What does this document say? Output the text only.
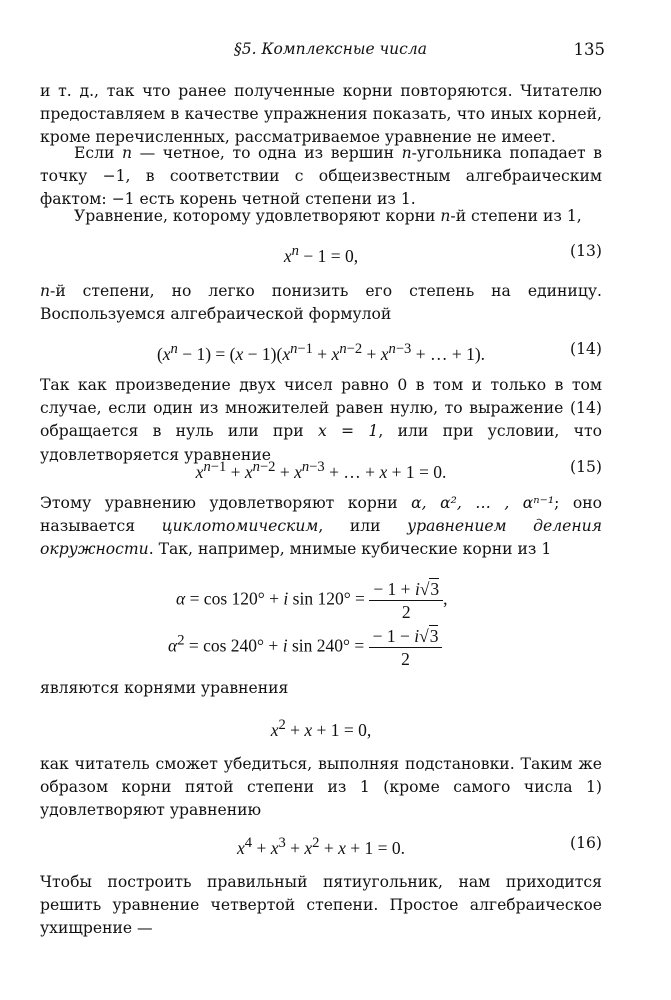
§5. Комплексные числа	135

и т. д., так что ранее полученные корни повторяются. Читателю предоставляем в качестве упражнения показать, что иных корней, кроме перечисленных, рассматриваемое уравнение не имеет.

Если n — четное, то одна из вершин n-угольника попадает в точку −1, в соответствии с общеизвестным алгебраическим фактом: −1 есть корень четной степени из 1.

Уравнение, которому удовлетворяют корни n-й степени из 1,

$x^n - 1 = 0$,	(13)

n-й степени, но легко понизить его степень на единицу. Воспользуемся алгебраической формулой

$(x^n - 1) = (x - 1)(x^{n-1} + x^{n-2} + x^{n-3}$ + … + 1).	(14)

Так как произведение двух чисел равно 0 в том и только в том случае, если один из множителей равен нулю, то выражение (14) обращается в нуль или при x = 1, или при условии, что удовлетворяется уравнение

$x^{n-1} + x^{n-2} + x^{n-3}$ + … + x + 1 = 0.	(15)

Этому уравнению удовлетворяют корни α, α², … , αⁿ⁻¹; оно называется циклотомическим, или уравнением деления окружности. Так, например, мнимые кубические корни из 1

α = cos 120° + i $\sin 120^\circ = \frac{- 1 + i√3}{2}$ ,
$\alpha^2 = \cos 240^\circ + i$ $\sin 240^\circ = \frac{- 1 - i√3}{2}$

являются корнями уравнения

$x^2 + x + 1 = 0$,

как читатель сможет убедиться, выполняя подстановки. Таким же образом корни пятой степени из 1 (кроме самого числа 1) удовлетворяют уравнению

$x^4 + x^3 + x^2 + x + 1 = 0$.	(16)

Чтобы построить правильный пятиугольник, нам приходится решить уравнение четвертой степени. Простое алгебраическое ухищрение —
